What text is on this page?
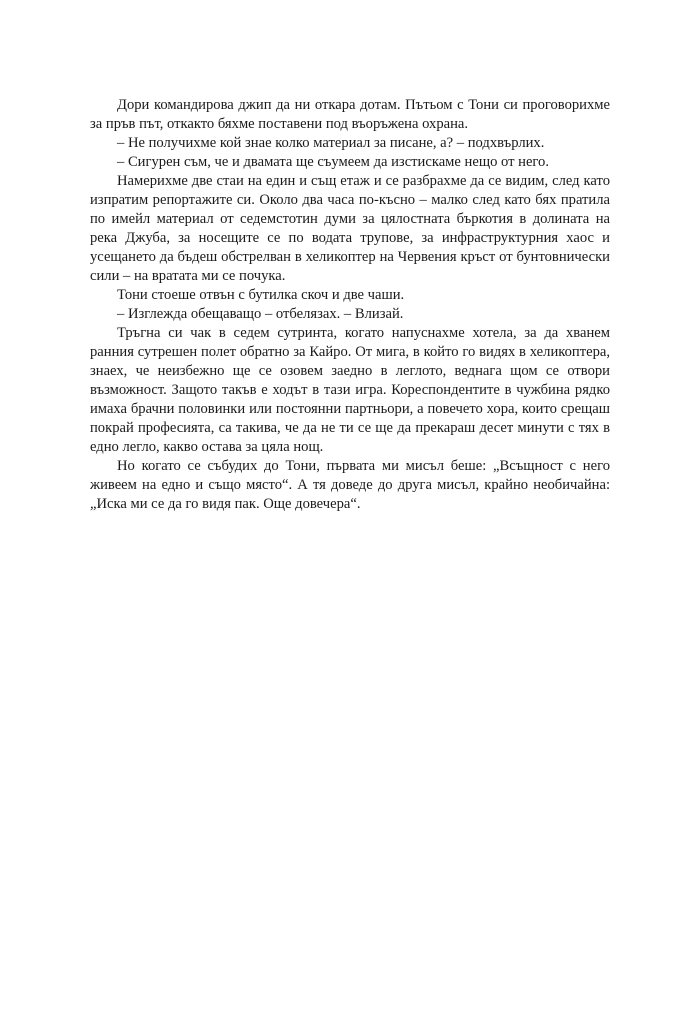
Дори командирова джип да ни откара дотам. Пътьом с Тони си проговорихме за пръв път, откакто бяхме поставени под въоръжена охрана.

– Не получихме кой знае колко материал за писане, а? – подхвърлих.

– Сигурен съм, че и двамата ще съумеем да изстискаме нещо от него.

Намерихме две стаи на един и същ етаж и се разбрахме да се видим, след като изпратим репортажите си. Около два часа по-късно – малко след като бях пратила по имейл материал от седемстотин думи за цялостната бъркотия в долината на река Джуба, за носещите се по водата трупове, за инфраструктурния хаос и усещането да бъдеш обстрелван в хеликоптер на Червения кръст от бунтовнически сили – на вратата ми се почука.

Тони стоеше отвън с бутилка скоч и две чаши.

– Изглежда обещаващо – отбелязах. – Влизай.

Тръгна си чак в седем сутринта, когато напуснахме хотела, за да хванем ранния сутрешен полет обратно за Кайро. От мига, в който го видях в хеликоптера, знаех, че неизбежно ще се озовем заедно в леглото, веднага щом се отвори възможност. Защото такъв е ходът в тази игра. Кореспондентите в чужбина рядко имаха брачни половинки или постоянни партньори, а повечето хора, които срещаш покрай професията, са такива, че да не ти се ще да прекараш десет минути с тях в едно легло, какво остава за цяла нощ.

Но когато се събудих до Тони, първата ми мисъл беше: „Всъщност с него живеем на едно и също място“. А тя доведе до друга мисъл, крайно необичайна: „Иска ми се да го видя пак. Още довечера“.
